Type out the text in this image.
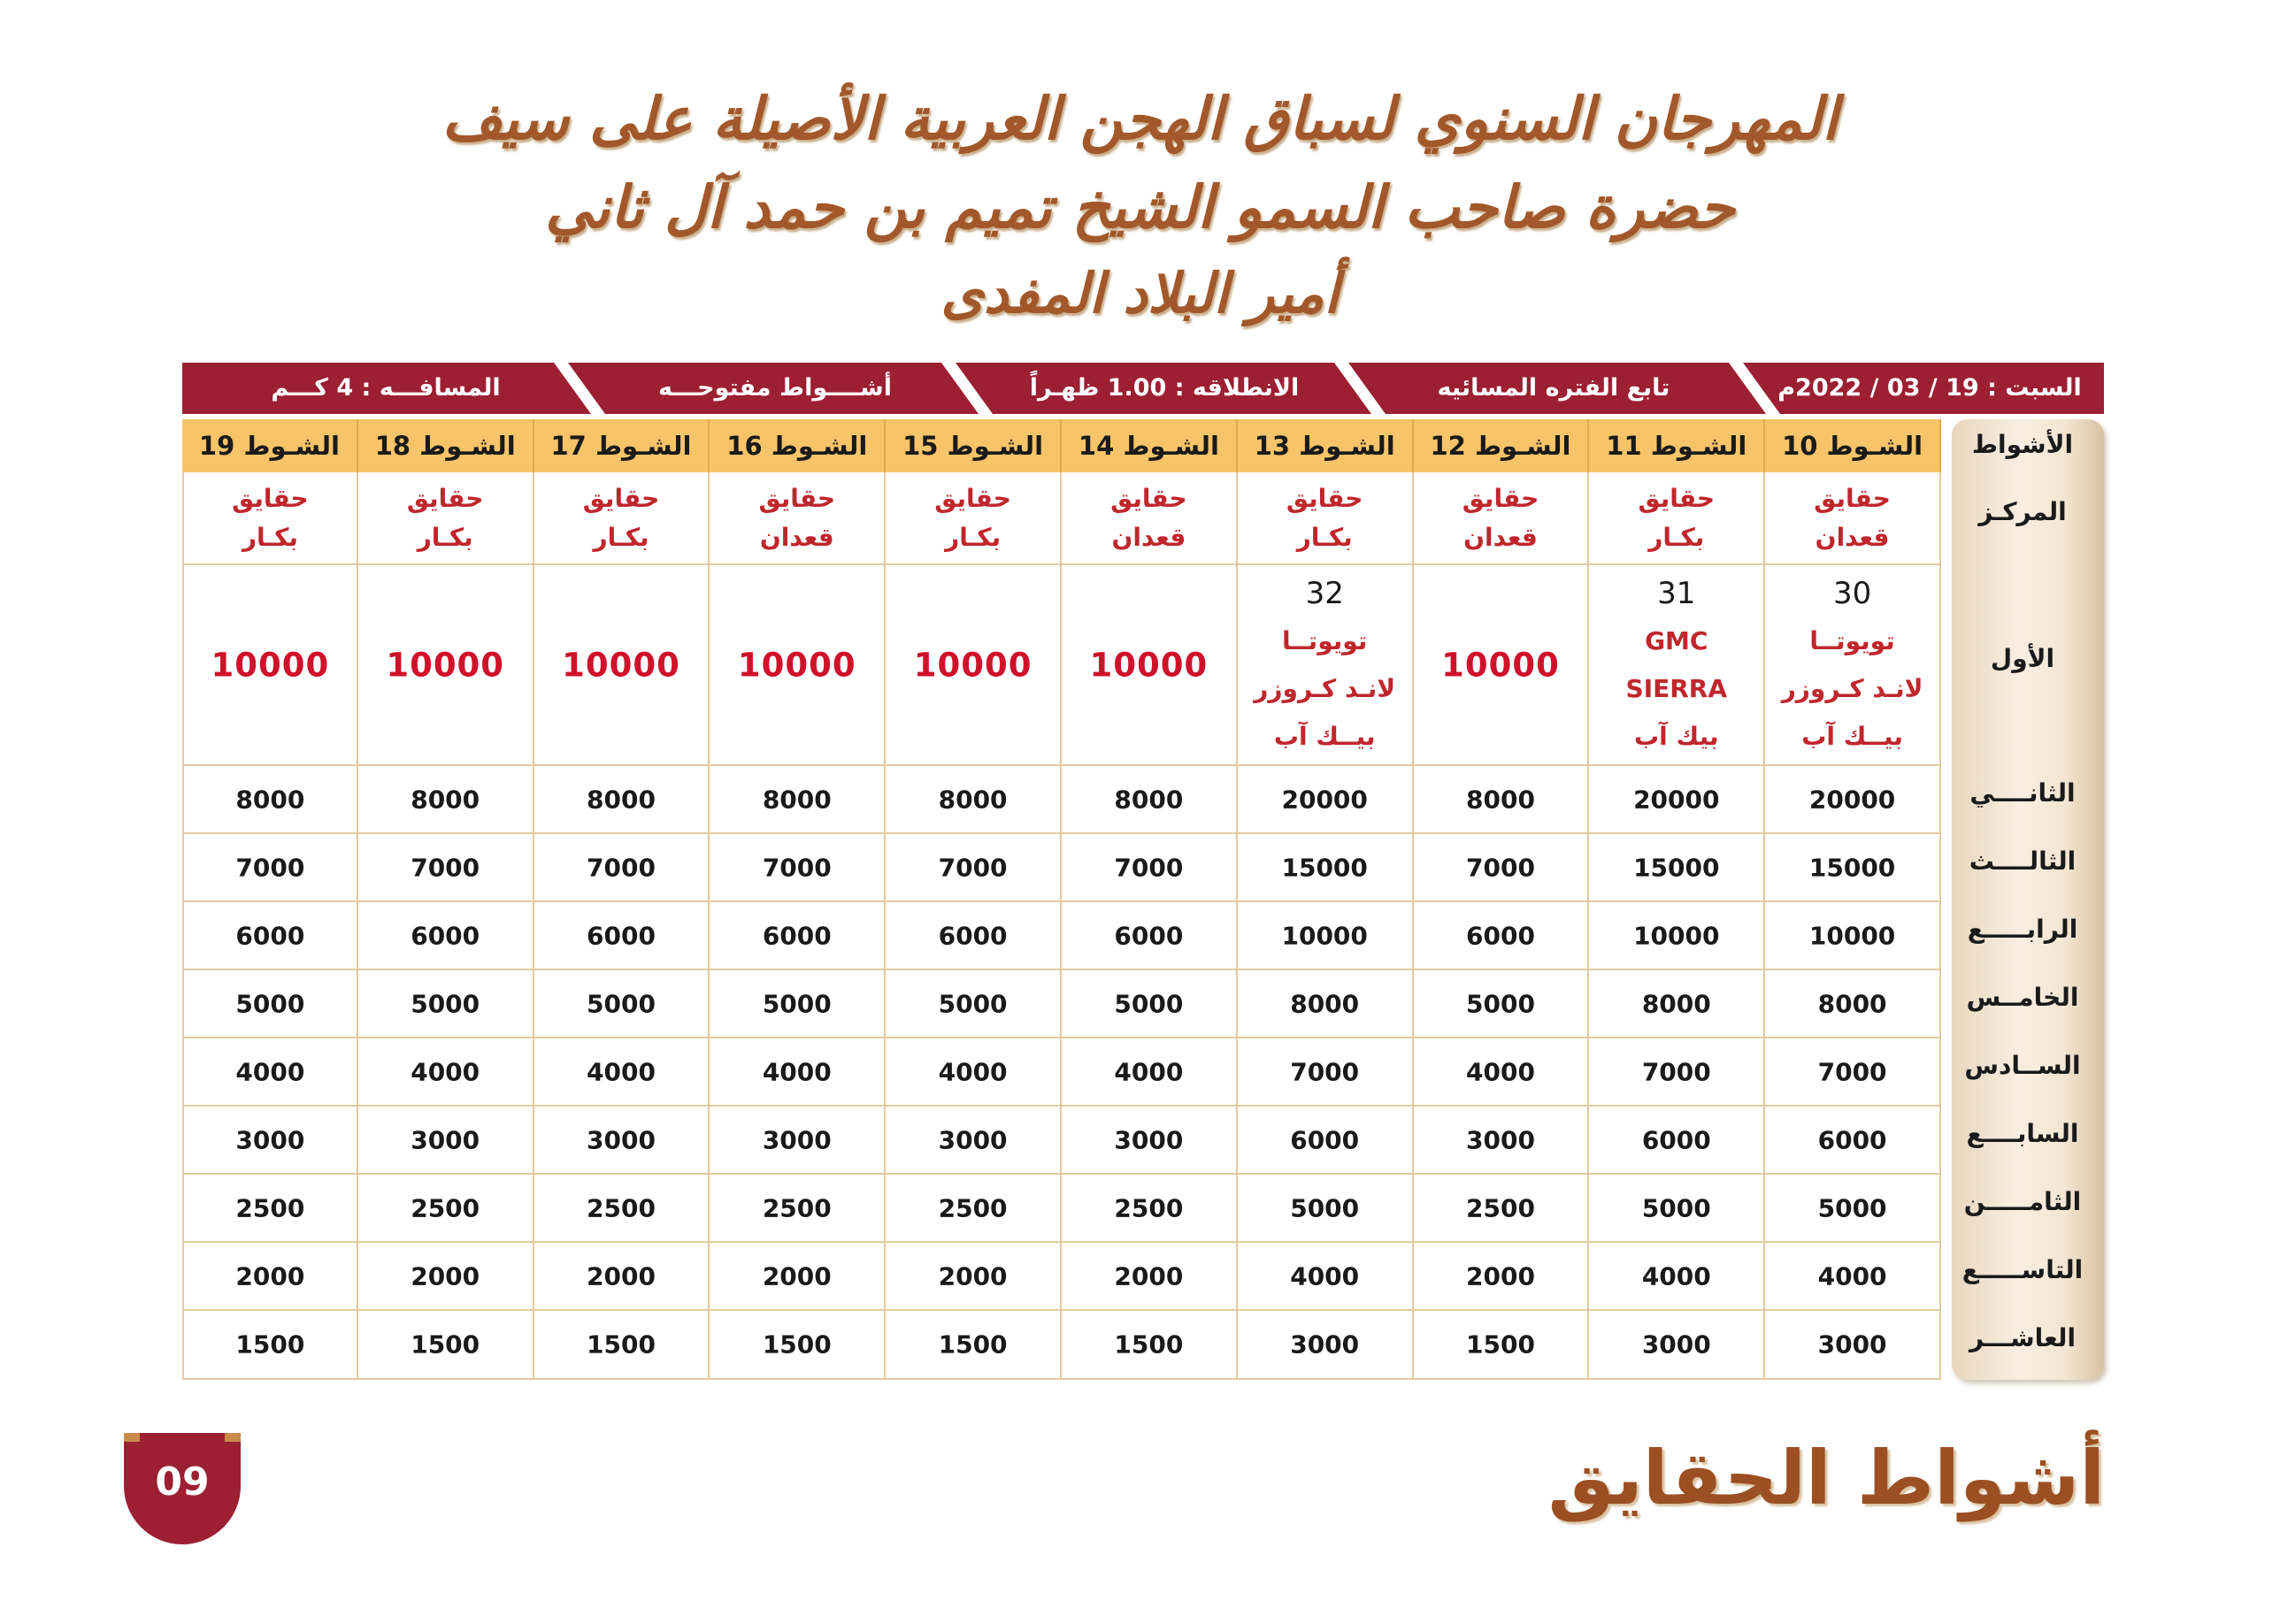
المهرجان السنوي لسباق الهجن العربية الأصيلة على سيف
حضرة صاحب السمو الشيخ تميم بن حمد آل ثاني
أمير البلاد المفدى
السبت : 19 / 03 / 2022م
تابع الفتره المسائيه
الانطلاقه : 1.00 ظهـراً
أشــــواط مفتوحـــه
المسافـــه : 4 كـــم
الأشواط
المركـز
الأول
الثانــــي
الثالــــث
الرابـــــع
الخامــس
الســادس
السابــــع
الثامـــــن
التاســـــع
العاشـــر
الشـوط 10
حقايق
قعدان
30
تويوتــا
لانـد كـروزر
بيــك آب
20000
15000
10000
8000
7000
6000
5000
4000
3000
الشـوط 11
حقايق
بكـار
31
GMC
SIERRA
بيك آب
20000
15000
10000
8000
7000
6000
5000
4000
3000
الشـوط 12
حقايق
قعدان
10000
8000
7000
6000
5000
4000
3000
2500
2000
1500
الشـوط 13
حقايق
بكـار
32
تويوتــا
لانـد كـروزر
بيــك آب
20000
15000
10000
8000
7000
6000
5000
4000
3000
الشـوط 14
حقايق
قعدان
10000
8000
7000
6000
5000
4000
3000
2500
2000
1500
الشـوط 15
حقايق
بكـار
10000
8000
7000
6000
5000
4000
3000
2500
2000
1500
الشـوط 16
حقايق
قعدان
10000
8000
7000
6000
5000
4000
3000
2500
2000
1500
الشـوط 17
حقايق
بكـار
10000
8000
7000
6000
5000
4000
3000
2500
2000
1500
الشـوط 18
حقايق
بكـار
10000
8000
7000
6000
5000
4000
3000
2500
2000
1500
الشـوط 19
حقايق
بكـار
10000
8000
7000
6000
5000
4000
3000
2500
2000
1500
09	أشواط الحقايق
